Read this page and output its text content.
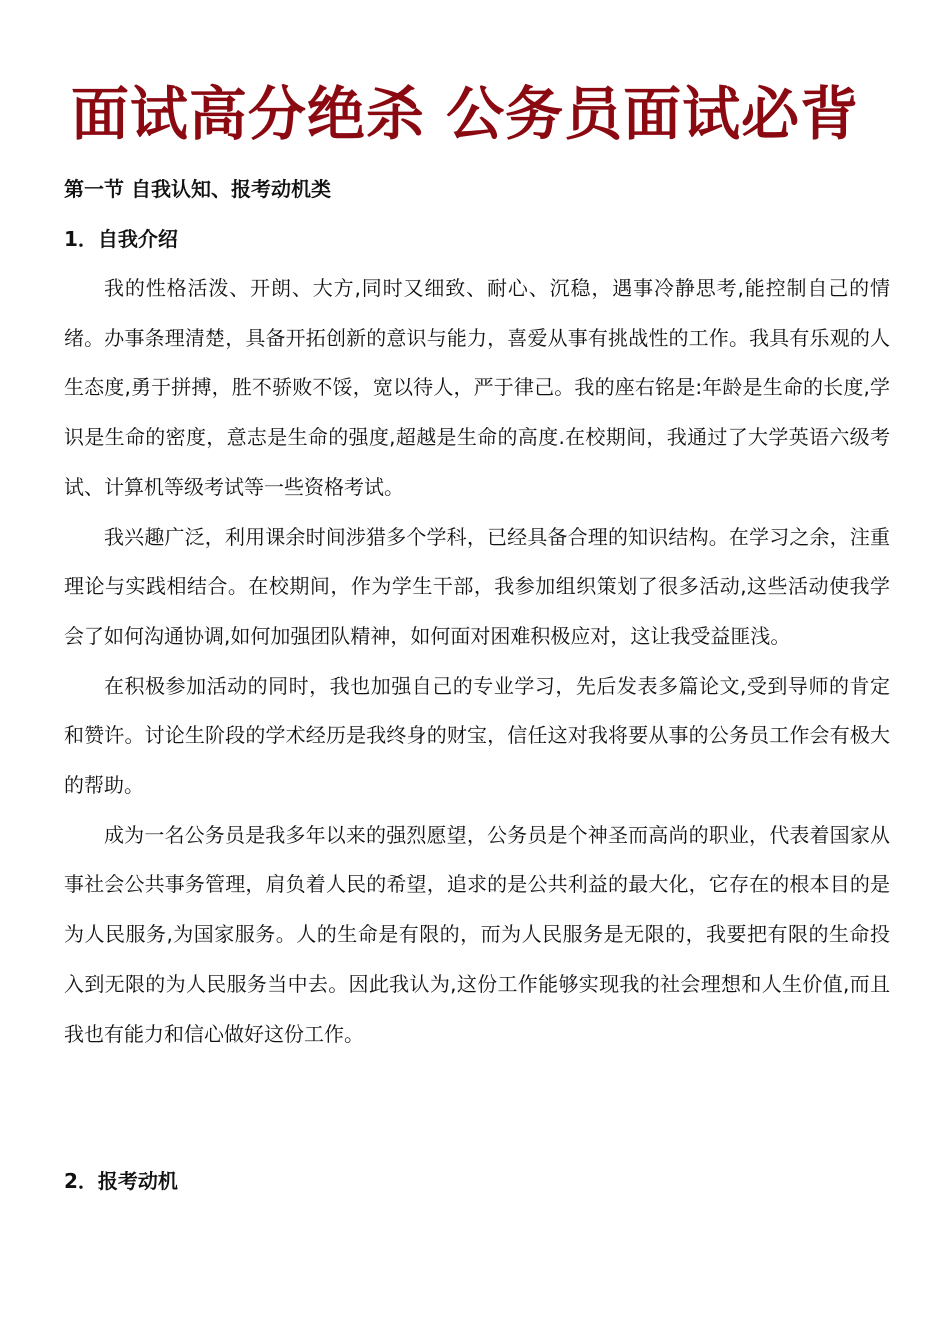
面试高分绝杀 公务员面试必背
第一节 自我认知、报考动机类
1．自我介绍

我的性格活泼、开朗、大方,同时又细致、耐心、沉稳，遇事冷静思考,能控制自己的情绪。办事条理清楚，具备开拓创新的意识与能力，喜爱从事有挑战性的工作。我具有乐观的人生态度,勇于拼搏，胜不骄败不馁，宽以待人，严于律己。我的座右铭是:年龄是生命的长度,学识是生命的密度，意志是生命的强度,超越是生命的高度.在校期间，我通过了大学英语六级考试、计算机等级考试等一些资格考试。

我兴趣广泛，利用课余时间涉猎多个学科，已经具备合理的知识结构。在学习之余，注重理论与实践相结合。在校期间，作为学生干部，我参加组织策划了很多活动,这些活动使我学会了如何沟通协调,如何加强团队精神，如何面对困难积极应对，这让我受益匪浅。

在积极参加活动的同时，我也加强自己的专业学习，先后发表多篇论文,受到导师的肯定和赞许。讨论生阶段的学术经历是我终身的财宝，信任这对我将要从事的公务员工作会有极大的帮助。

成为一名公务员是我多年以来的强烈愿望，公务员是个神圣而高尚的职业，代表着国家从事社会公共事务管理，肩负着人民的希望，追求的是公共利益的最大化，它存在的根本目的是为人民服务,为国家服务。人的生命是有限的，而为人民服务是无限的，我要把有限的生命投入到无限的为人民服务当中去。因此我认为,这份工作能够实现我的社会理想和人生价值,而且我也有能力和信心做好这份工作。

2．报考动机
